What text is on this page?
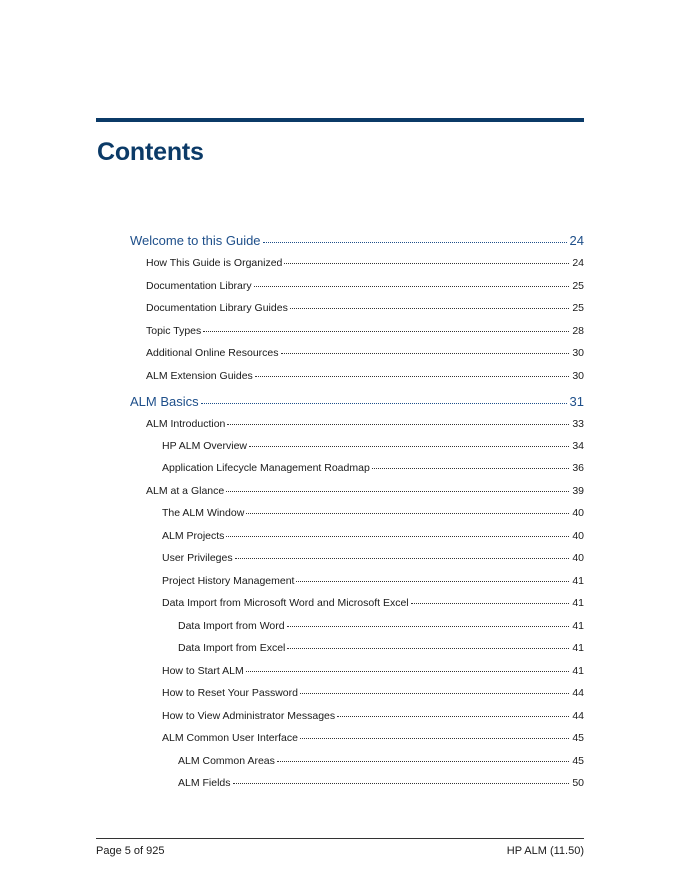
Contents
Welcome to this Guide	24
How This Guide is Organized	24
Documentation Library	25
Documentation Library Guides	25
Topic Types	28
Additional Online Resources	30
ALM Extension Guides	30
ALM Basics	31
ALM Introduction	33
HP ALM Overview	34
Application Lifecycle Management Roadmap	36
ALM at a Glance	39
The ALM Window	40
ALM Projects	40
User Privileges	40
Project History Management	41
Data Import from Microsoft Word and Microsoft Excel	41
Data Import from Word	41
Data Import from Excel	41
How to Start ALM	41
How to Reset Your Password	44
How to View Administrator Messages	44
ALM Common User Interface	45
ALM Common Areas	45
ALM Fields	50
Page 5 of 925	HP ALM (11.50)
